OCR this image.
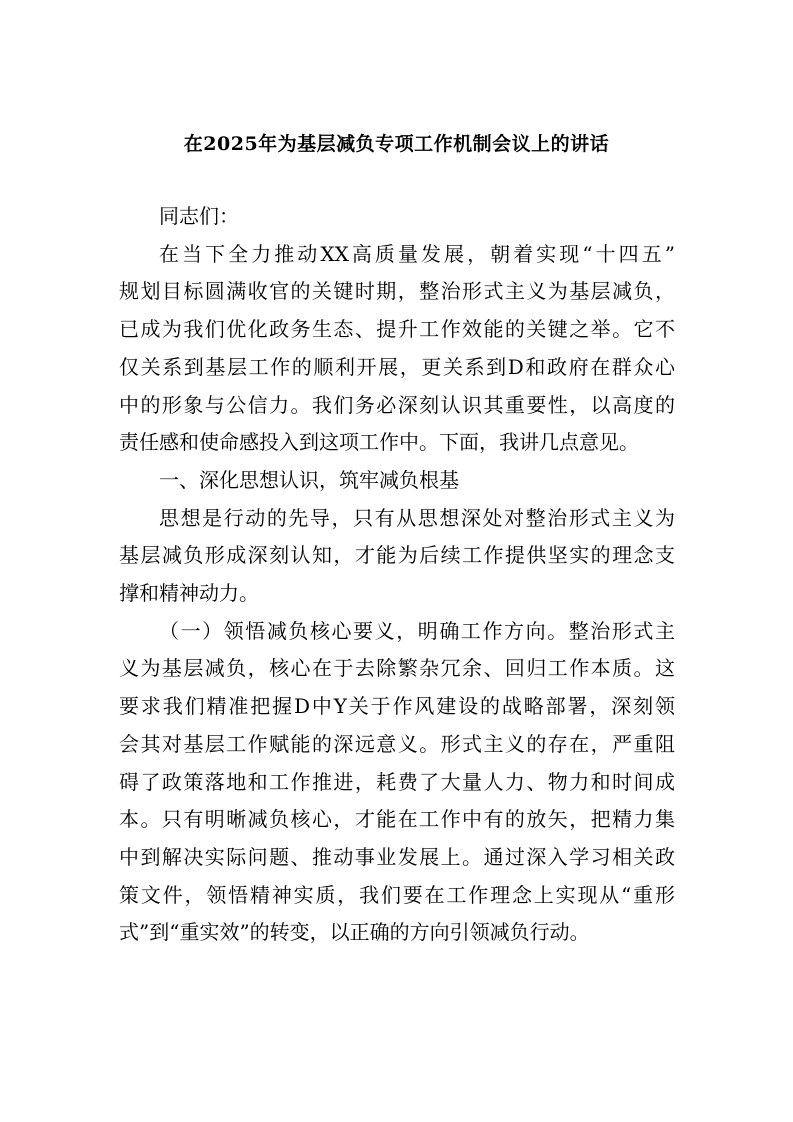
在2025年为基层减负专项工作机制会议上的讲话
同志们：
在当下全力推动XX高质量发展，朝着实现“十四五”
规划目标圆满收官的关键时期，整治形式主义为基层减负，
已成为我们优化政务生态、提升工作效能的关键之举。它不
仅关系到基层工作的顺利开展，更关系到D和政府在群众心
中的形象与公信力。我们务必深刻认识其重要性，以高度的
责任感和使命感投入到这项工作中。下面，我讲几点意见。
一、深化思想认识，筑牢减负根基
思想是行动的先导，只有从思想深处对整治形式主义为
基层减负形成深刻认知，才能为后续工作提供坚实的理念支
撑和精神动力。
（一）领悟减负核心要义，明确工作方向。整治形式主
义为基层减负，核心在于去除繁杂冗余、回归工作本质。这
要求我们精准把握D中Y关于作风建设的战略部署，深刻领
会其对基层工作赋能的深远意义。形式主义的存在，严重阻
碍了政策落地和工作推进，耗费了大量人力、物力和时间成
本。只有明晰减负核心，才能在工作中有的放矢，把精力集
中到解决实际问题、推动事业发展上。通过深入学习相关政
策文件，领悟精神实质，我们要在工作理念上实现从“重形
式”到“重实效”的转变，以正确的方向引领减负行动。
